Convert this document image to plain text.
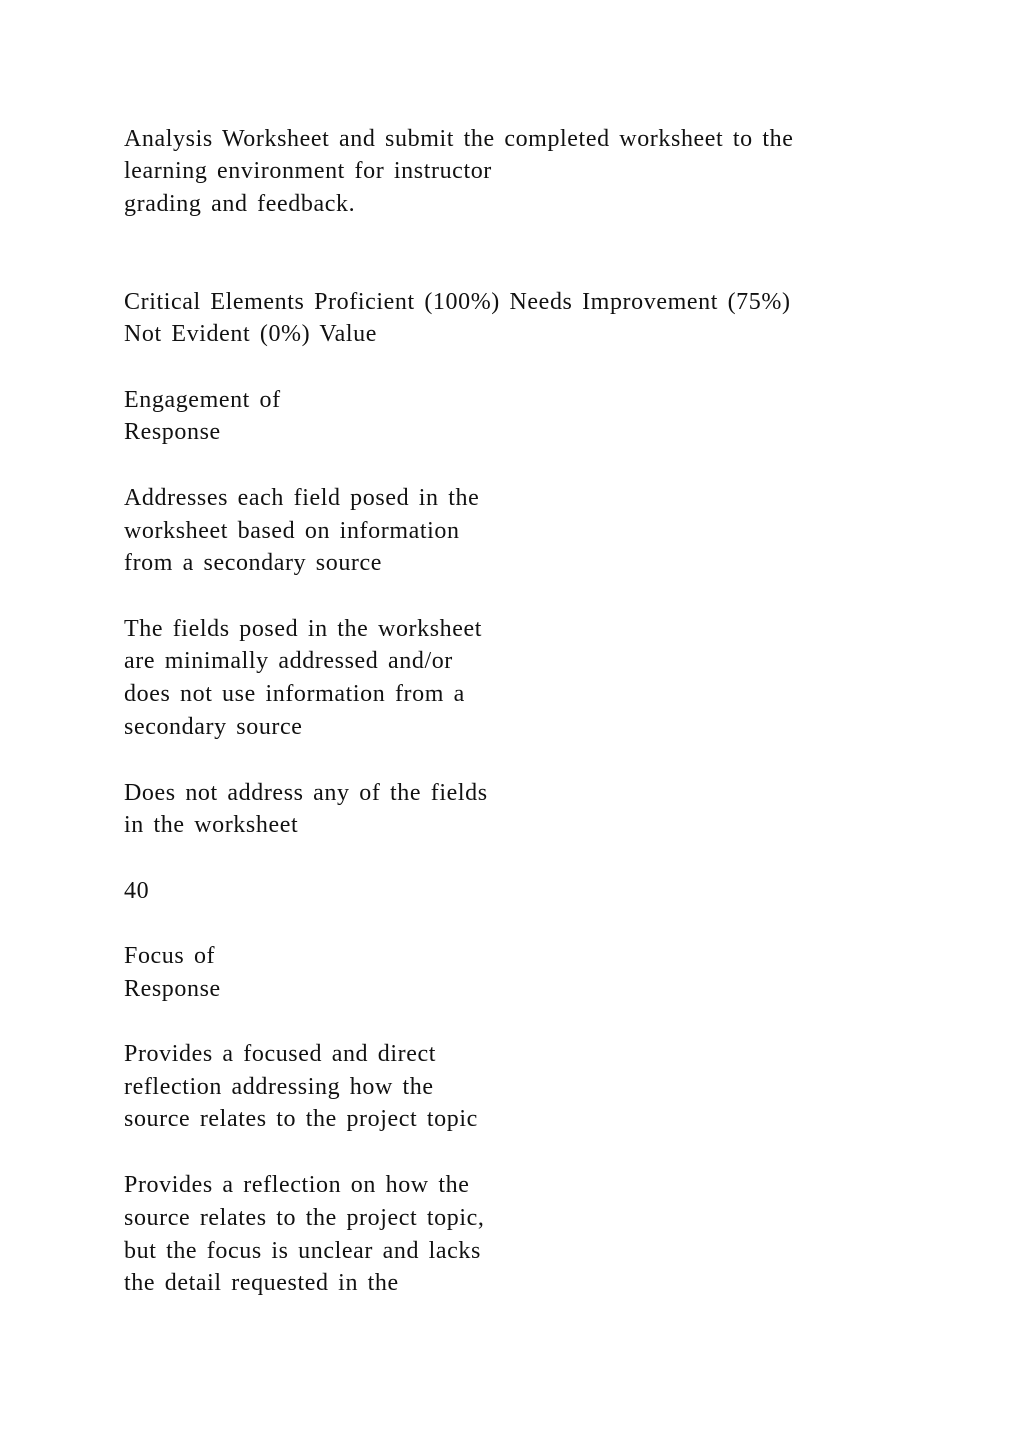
Analysis Worksheet and submit the completed worksheet to the

learning environment for instructor

grading and feedback.

Critical Elements Proficient (100%) Needs Improvement (75%)

Not Evident (0%) Value

Engagement of

Response

Addresses each field posed in the

worksheet based on information

from a secondary source

The fields posed in the worksheet

are minimally addressed and/or

does not use information from a

secondary source

Does not address any of the fields

in the worksheet

40

Focus of

Response

Provides a focused and direct

reflection addressing how the

source relates to the project topic

Provides a reflection on how the

source relates to the project topic,

but the focus is unclear and lacks

the detail requested in the
